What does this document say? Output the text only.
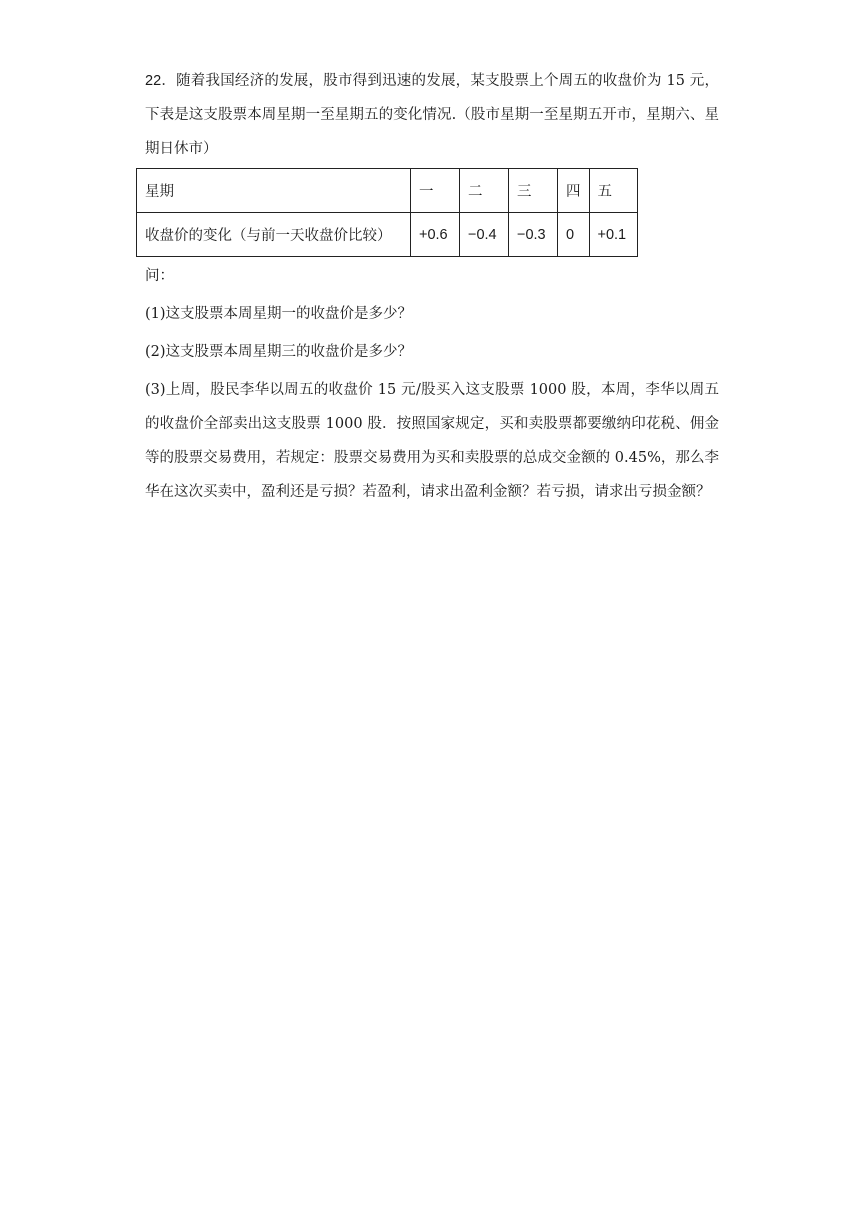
22．随着我国经济的发展，股市得到迅速的发展，某支股票上个周五的收盘价为 15 元，下表是这支股票本周星期一至星期五的变化情况.（股市星期一至星期五开市，星期六、星期日休市）

星期	一	二	三	四	五
收盘价的变化（与前一天收盘价比较）	+0.6	−0.4	−0.3	0	+0.1

问：

(1)这支股票本周星期一的收盘价是多少？

(2)这支股票本周星期三的收盘价是多少？

(3)上周，股民李华以周五的收盘价 15 元/股买入这支股票 1000 股，本周，李华以周五的收盘价全部卖出这支股票 1000 股．按照国家规定，买和卖股票都要缴纳印花税、佣金等的股票交易费用，若规定：股票交易费用为买和卖股票的总成交金额的 0.45%，那么李华在这次买卖中，盈利还是亏损？若盈利，请求出盈利金额？若亏损，请求出亏损金额？
